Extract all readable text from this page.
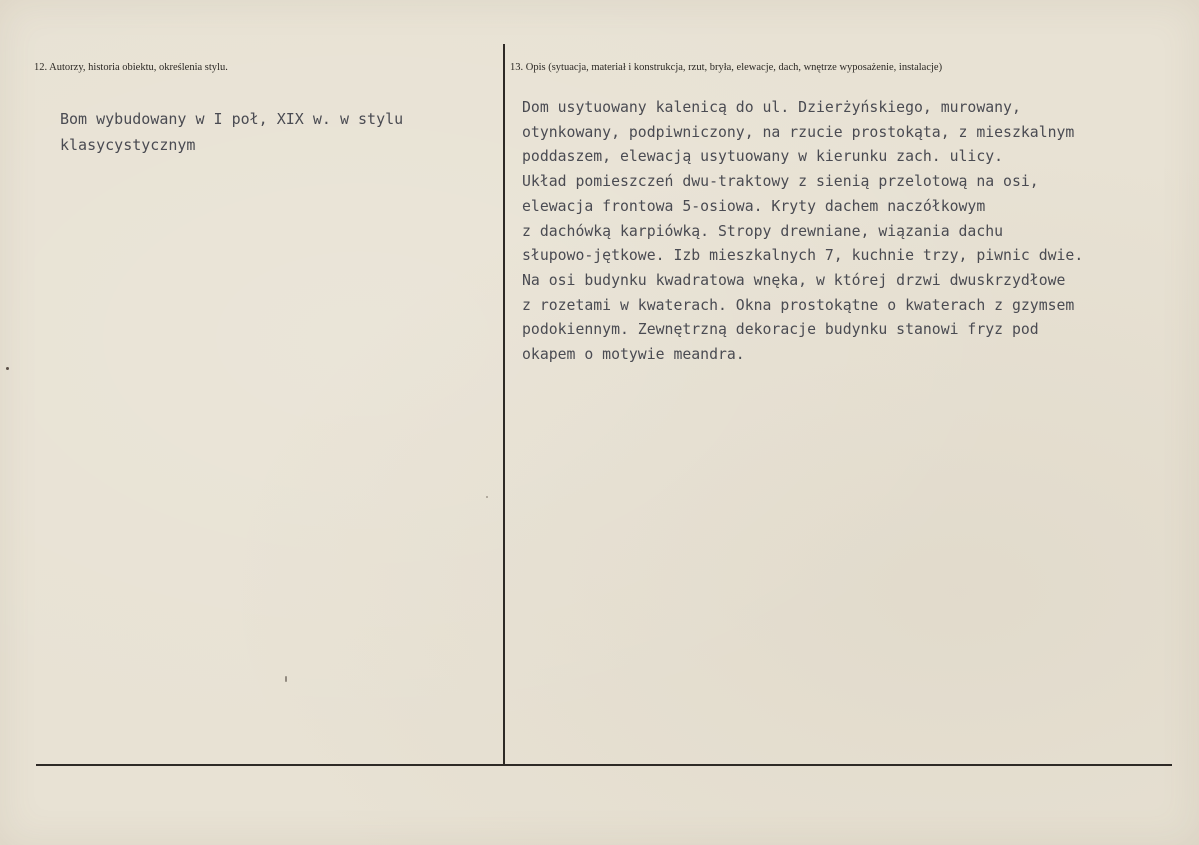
12. Autorzy, historia obiektu, określenia stylu.	13. Opis (sytuacja, materiał i konstrukcja, rzut, bryła, elewacje, dach, wnętrze wyposażenie, instalacje)
Bom wybudowany w I poł, XIX w. w stylu
klasycystycznym
Dom usytuowany kalenicą do ul. Dzierżyńskiego, murowany,
otynkowany, podpiwniczony, na rzucie prostokąta, z mieszkalnym
poddaszem, elewacją usytuowany w kierunku zach. ulicy.
Układ pomieszczeń dwu-traktowy z sienią przelotową na osi,
elewacja frontowa 5-osiowa. Kryty dachem naczółkowym
z dachówką karpiówką. Stropy drewniane, wiązania dachu
słupowo-jętkowe. Izb mieszkalnych 7, kuchnie trzy, piwnic dwie.
Na osi budynku kwadratowa wnęka, w której drzwi dwuskrzydłowe
z rozetami w kwaterach. Okna prostokątne o kwaterach z gzymsem
podokiennym. Zewnętrzną dekoracje budynku stanowi fryz pod
okapem o motywie meandra.
